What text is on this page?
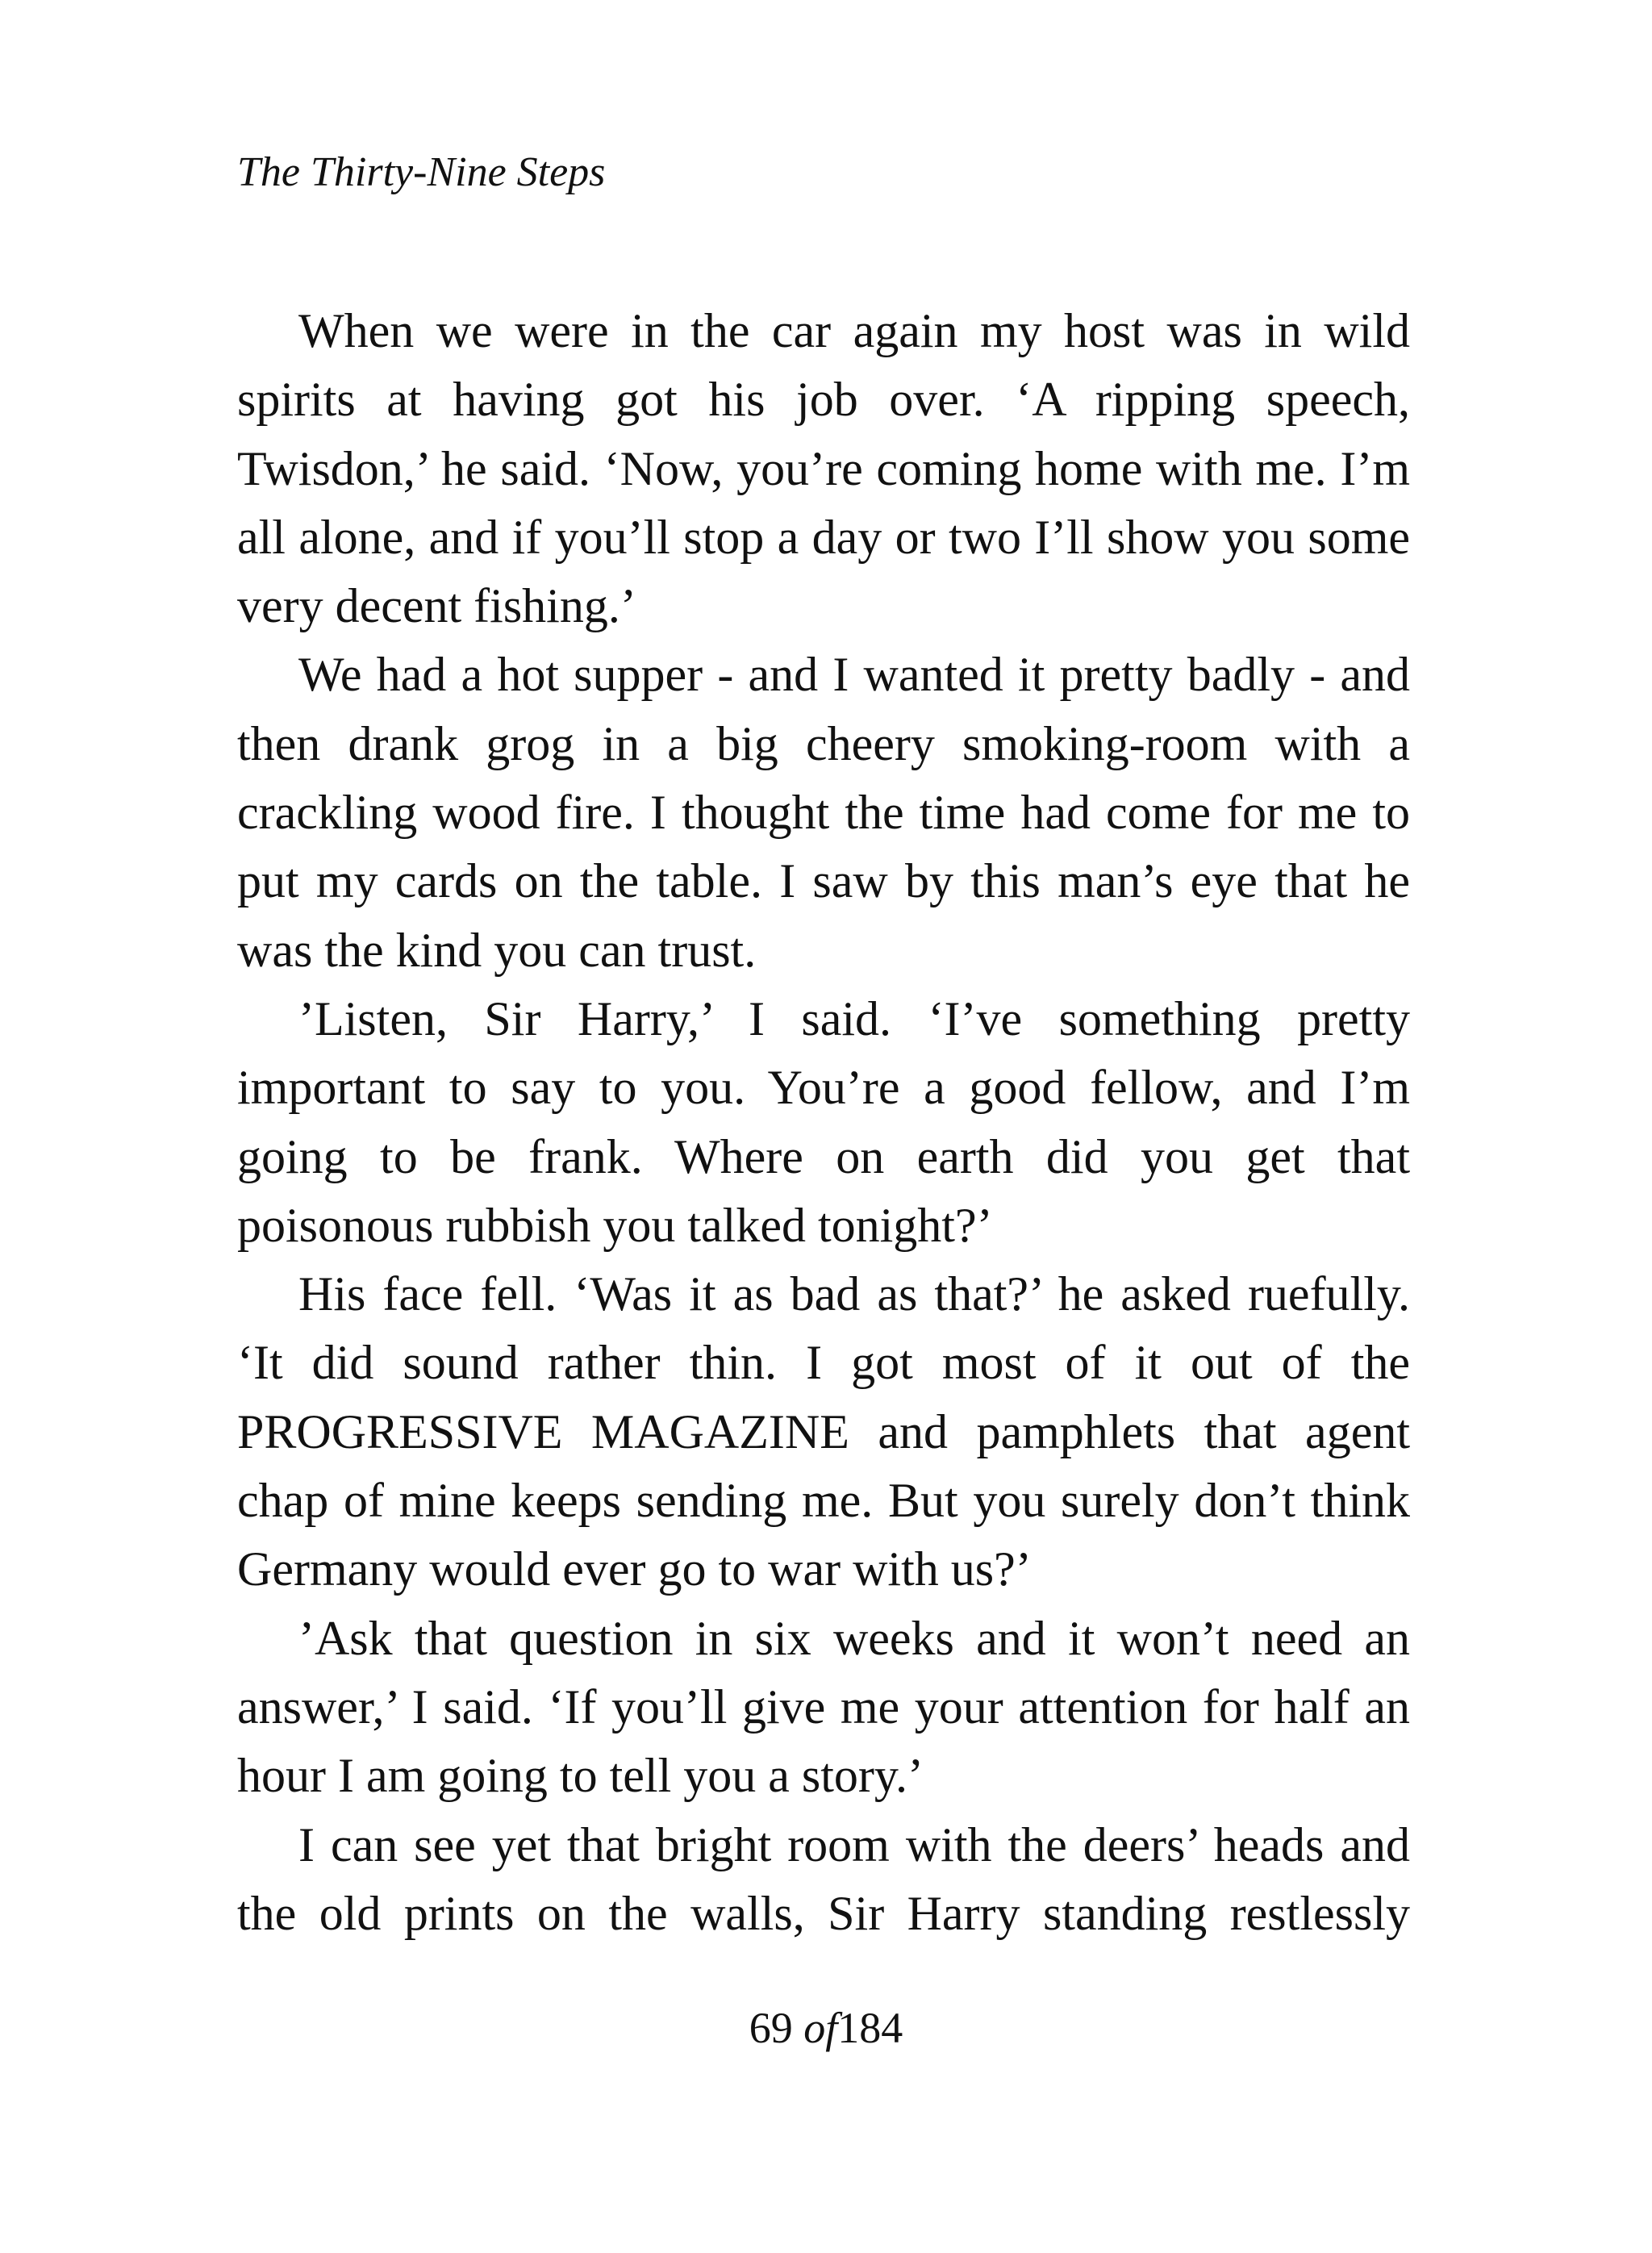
The Thirty-Nine Steps

When we were in the car again my host was in wild spirits at having got his job over. ‘A ripping speech, Twisdon,’ he said. ‘Now, you’re coming home with me. I’m all alone, and if you’ll stop a day or two I’ll show you some very decent fishing.’

We had a hot supper - and I wanted it pretty badly - and then drank grog in a big cheery smoking-room with a crackling wood fire. I thought the time had come for me to put my cards on the table. I saw by this man’s eye that he was the kind you can trust.

’Listen, Sir Harry,’ I said. ‘I’ve something pretty important to say to you. You’re a good fellow, and I’m going to be frank. Where on earth did you get that poisonous rubbish you talked tonight?’

His face fell. ‘Was it as bad as that?’ he asked ruefully. ‘It did sound rather thin. I got most of it out of the PROGRESSIVE MAGAZINE and pamphlets that agent chap of mine keeps sending me. But you surely don’t think Germany would ever go to war with us?’

’Ask that question in six weeks and it won’t need an answer,’ I said. ‘If you’ll give me your attention for half an hour I am going to tell you a story.’

I can see yet that bright room with the deers’ heads and the old prints on the walls, Sir Harry standing restlessly

69 of184
